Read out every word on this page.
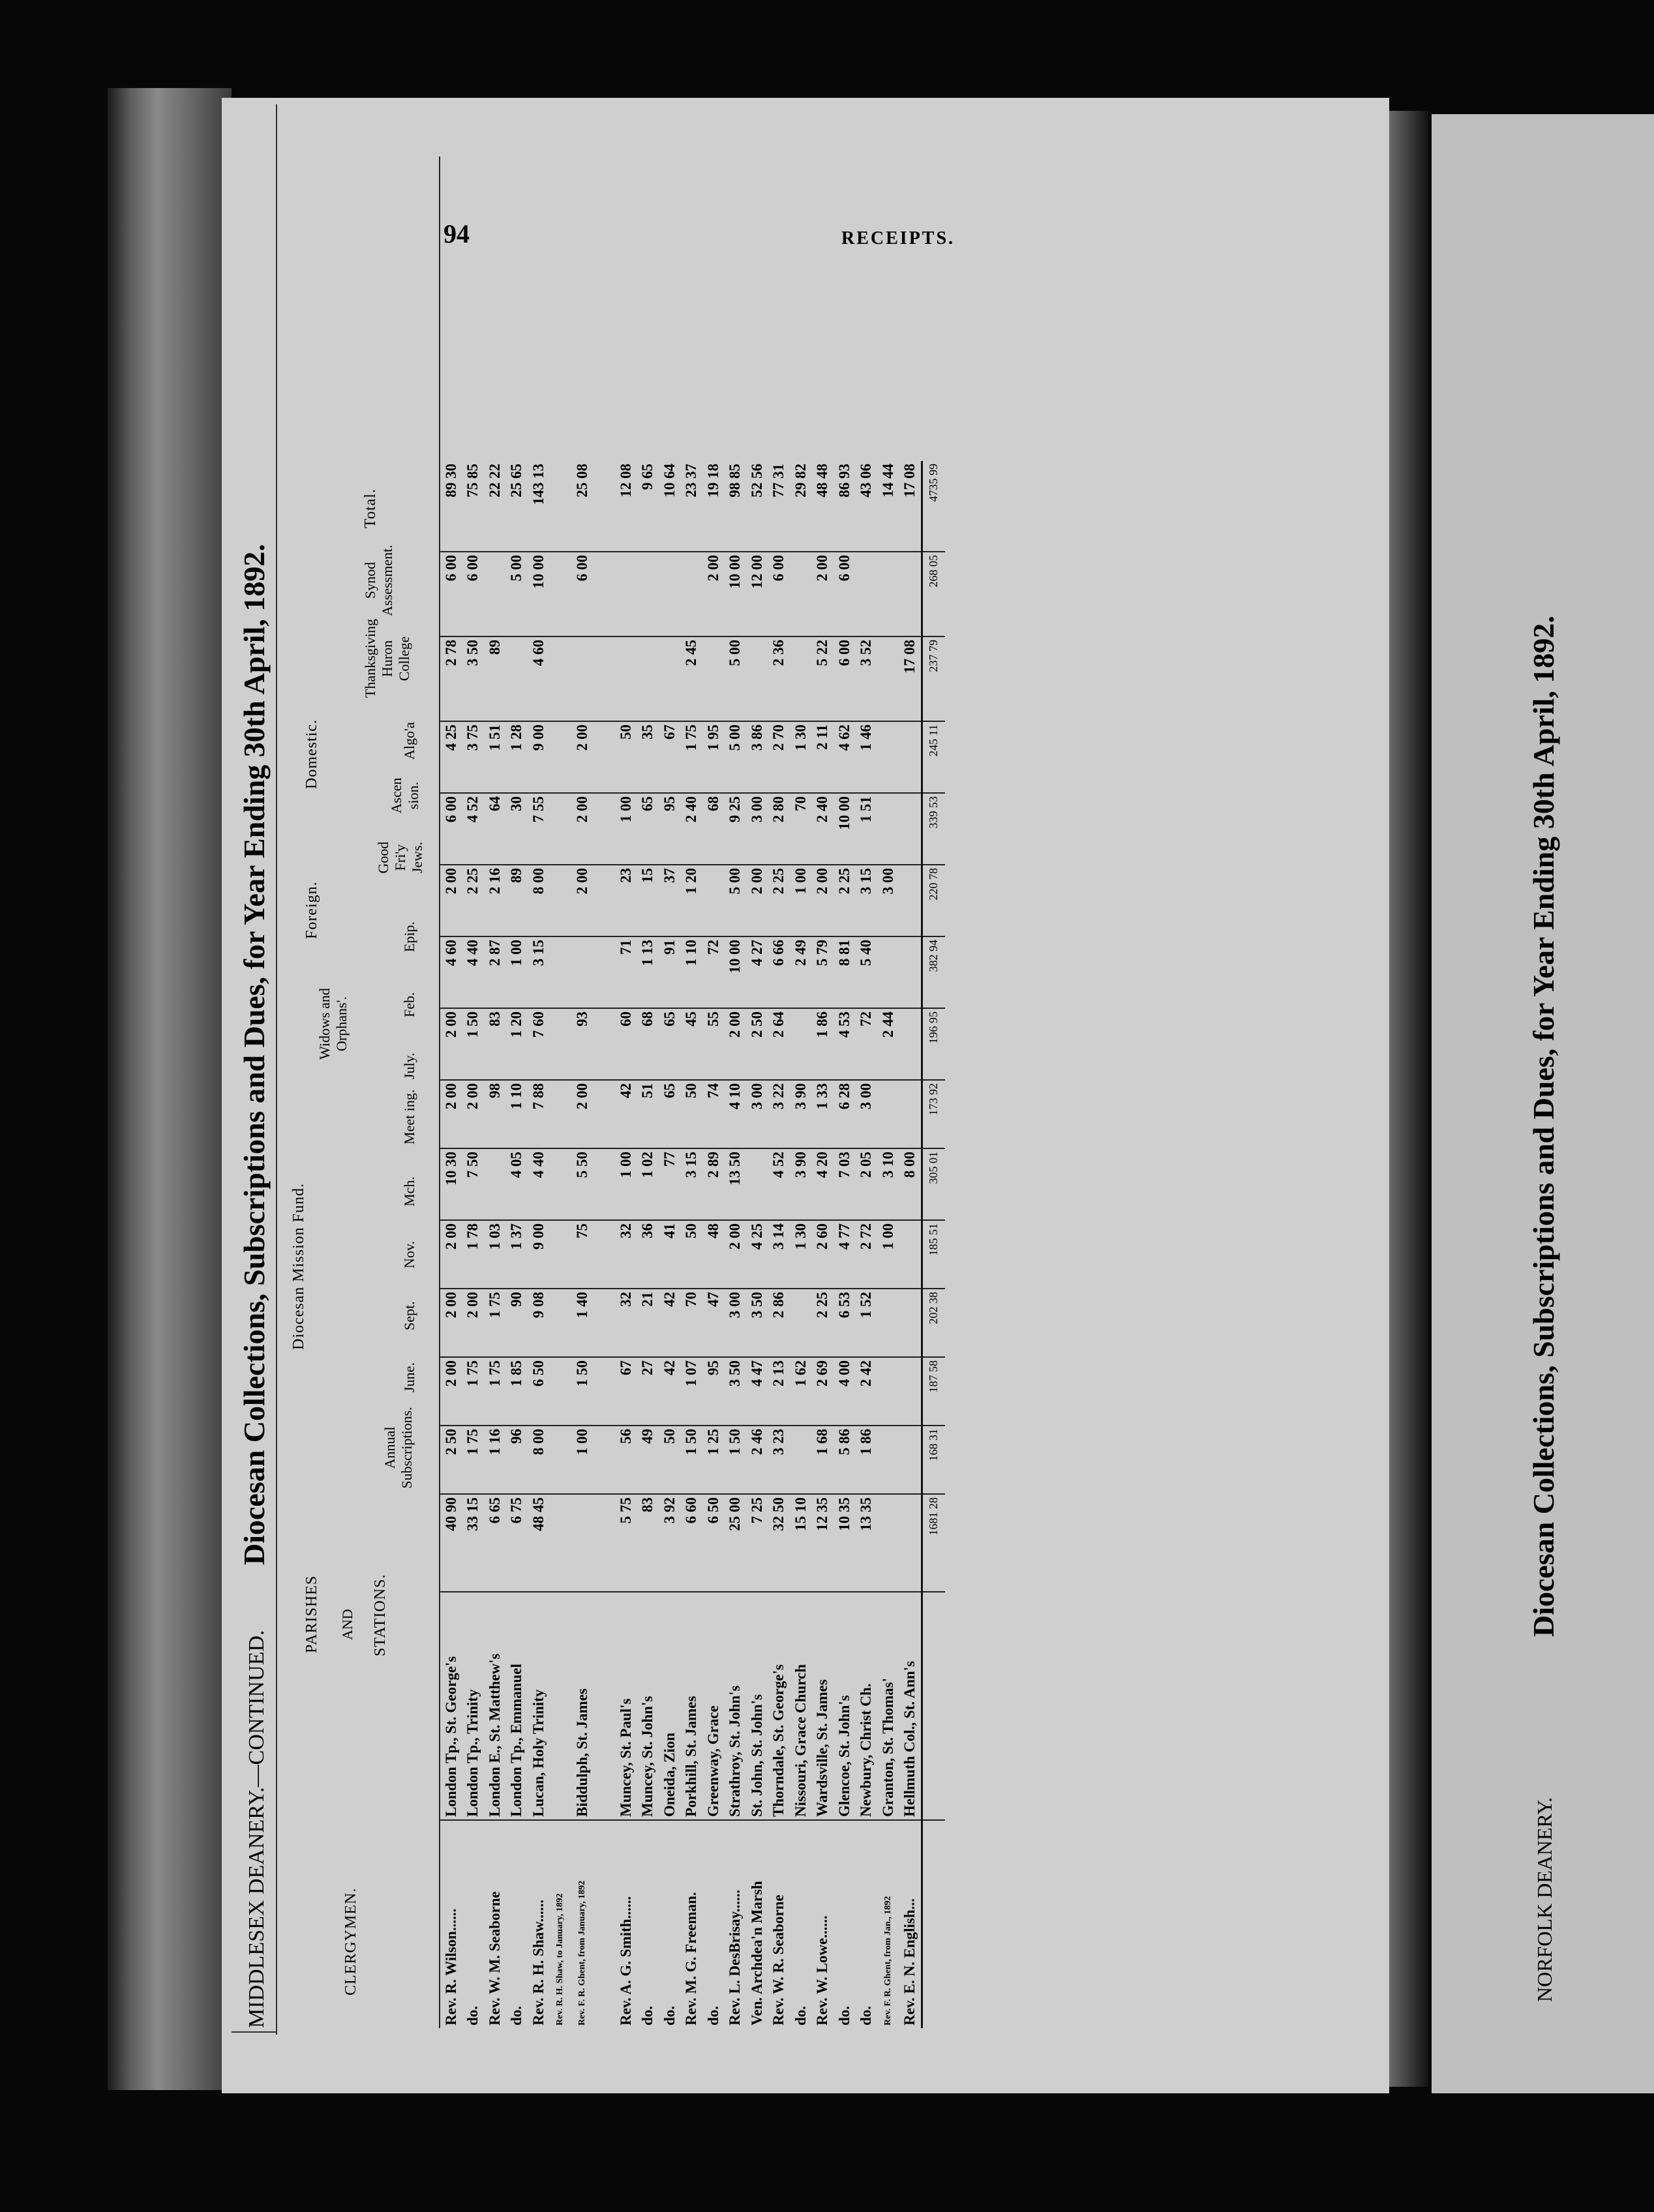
MIDDLESEX DEANERY.—CONTINUED.
Diocesan Collections, Subscriptions and Dues, for Year Ending 30th April, 1892.
CLERGYMEN.
PARISHES AND STATIONS.
Annual Subscriptions.
Diocesan Mission Fund.
June.
Sept.
Nov.
Mch.
Meet ing.
Widows and Orphans'.
July.
Feb.
Foreign.	Epip.
Good Fri'y Jews.
Domestic.
Ascen sion.
Algo'a
Thanksgiving Huron College
Synod Assessment.
Total.
Rev. R. Wilson......	London Tp., St. George's	40 90	2 50	2 00	2 00	2 00	10 30	2 00	2 00	4 60	2 00	6 00	4 25	2 78	6 00	89 30
do.	London Tp., Trinity	33 15	1 75	1 75	2 00	1 78	7 50	2 00	1 50	4 40	2 25	4 52	3 75	3 50	6 00	75 85
Rev. W. M. Seaborne	London E., St. Matthew's	6 65	1 16	1 75	1 75	1 03		98	83	2 87	2 16	64	1 51	89		22 22
do.	London Tp., Emmanuel	6 75	96	1 85	90	1 37	4 05	1 10	1 20	1 00	89	30	1 28		5 00	25 65
Rev. R. H. Shaw......	Lucan, Holy Trinity	48 45	8 00	6 50	9 08	9 00	4 40	7 88	7 60	3 15	8 00	7 55	9 00	4 60	10 00	143 13
Rev. R. H. Shaw, to January, 1892																
Rev. F. R. Ghent, from January, 1892	Biddulph, St. James		1 00	1 50	1 40	75	5 50	2 00	93		2 00	2 00	2 00		6 00	25 08

Rev. A. G. Smith......	Muncey, St. Paul's	5 75	56	67	32	32	1 00	42	60	71	23	1 00	50			12 08
do.	Muncey, St. John's	83	49	27	21	36	1 02	51	68	1 13	15	65	35			9 65
do.	Oneida, Zion	3 92	50	42	42	41	77	65	65	91	37	95	67			10 64
Rev. M. G. Freeman.	Porkhill, St. James	6 60	1 50	1 07	70	50	3 15	50	45	1 10	1 20	2 40	1 75	2 45		23 37
do.	Greenway, Grace	6 50	1 25	95	47	48	2 89	74	55	72		68	1 95		2 00	19 18
Rev. L. DesBrisay......	Strathroy, St. John's	25 00	1 50	3 50	3 00	2 00	13 50	4 10	2 00	10 00	5 00	9 25	5 00	5 00	10 00	98 85
Ven. Archdea'n Marsh	St. John, St. John's	7 25	2 46	4 47	3 50	4 25		3 00	2 50	4 27	2 00	3 00	3 86		12 00	52 56
Rev. W. R. Seaborne	Thorndale, St. George's	32 50	3 23	2 13	2 86	3 14	4 52	3 22	2 64	6 66	2 25	2 80	2 70	2 36	6 00	77 31
do.	Nissouri, Grace Church	15 10		1 62		1 30	3 90	3 90		2 49	1 00	70	1 30			29 82
Rev. W. Lowe......	Wardsville, St. James	12 35	1 68	2 69	2 25	2 60	4 20	1 33	1 86	5 79	2 00	2 40	2 11	5 22	2 00	48 48
do.	Glencoe, St. John's	10 35	5 86	4 00	6 53	4 77	7 03	6 28	4 53	8 81	2 25	10 00	4 62	6 00	6 00	86 93
do.	Newbury, Christ Ch.	13 35	1 86	2 42	1 52	2 72	2 05	3 00	72	5 40	3 15	1 51	1 46	3 52		43 06
Rev. F. R. Ghent, from Jan., 1892	Granton, St. Thomas'					1 00	3 10		2 44		3 00					14 44
Rev. E. N. English...	Hellmuth Col., St. Ann's						8 00							17 08		17 08
		1681 28	168 31	187 58	202 38	185 51	305 01	173 92	196 95	382 94	220 78	339 53	245 11	237 79	268 05	4735 99
NORFOLK DEANERY.
Diocesan Collections, Subscriptions and Dues, for Year Ending 30th April, 1892.
94	RECEIPTS.
